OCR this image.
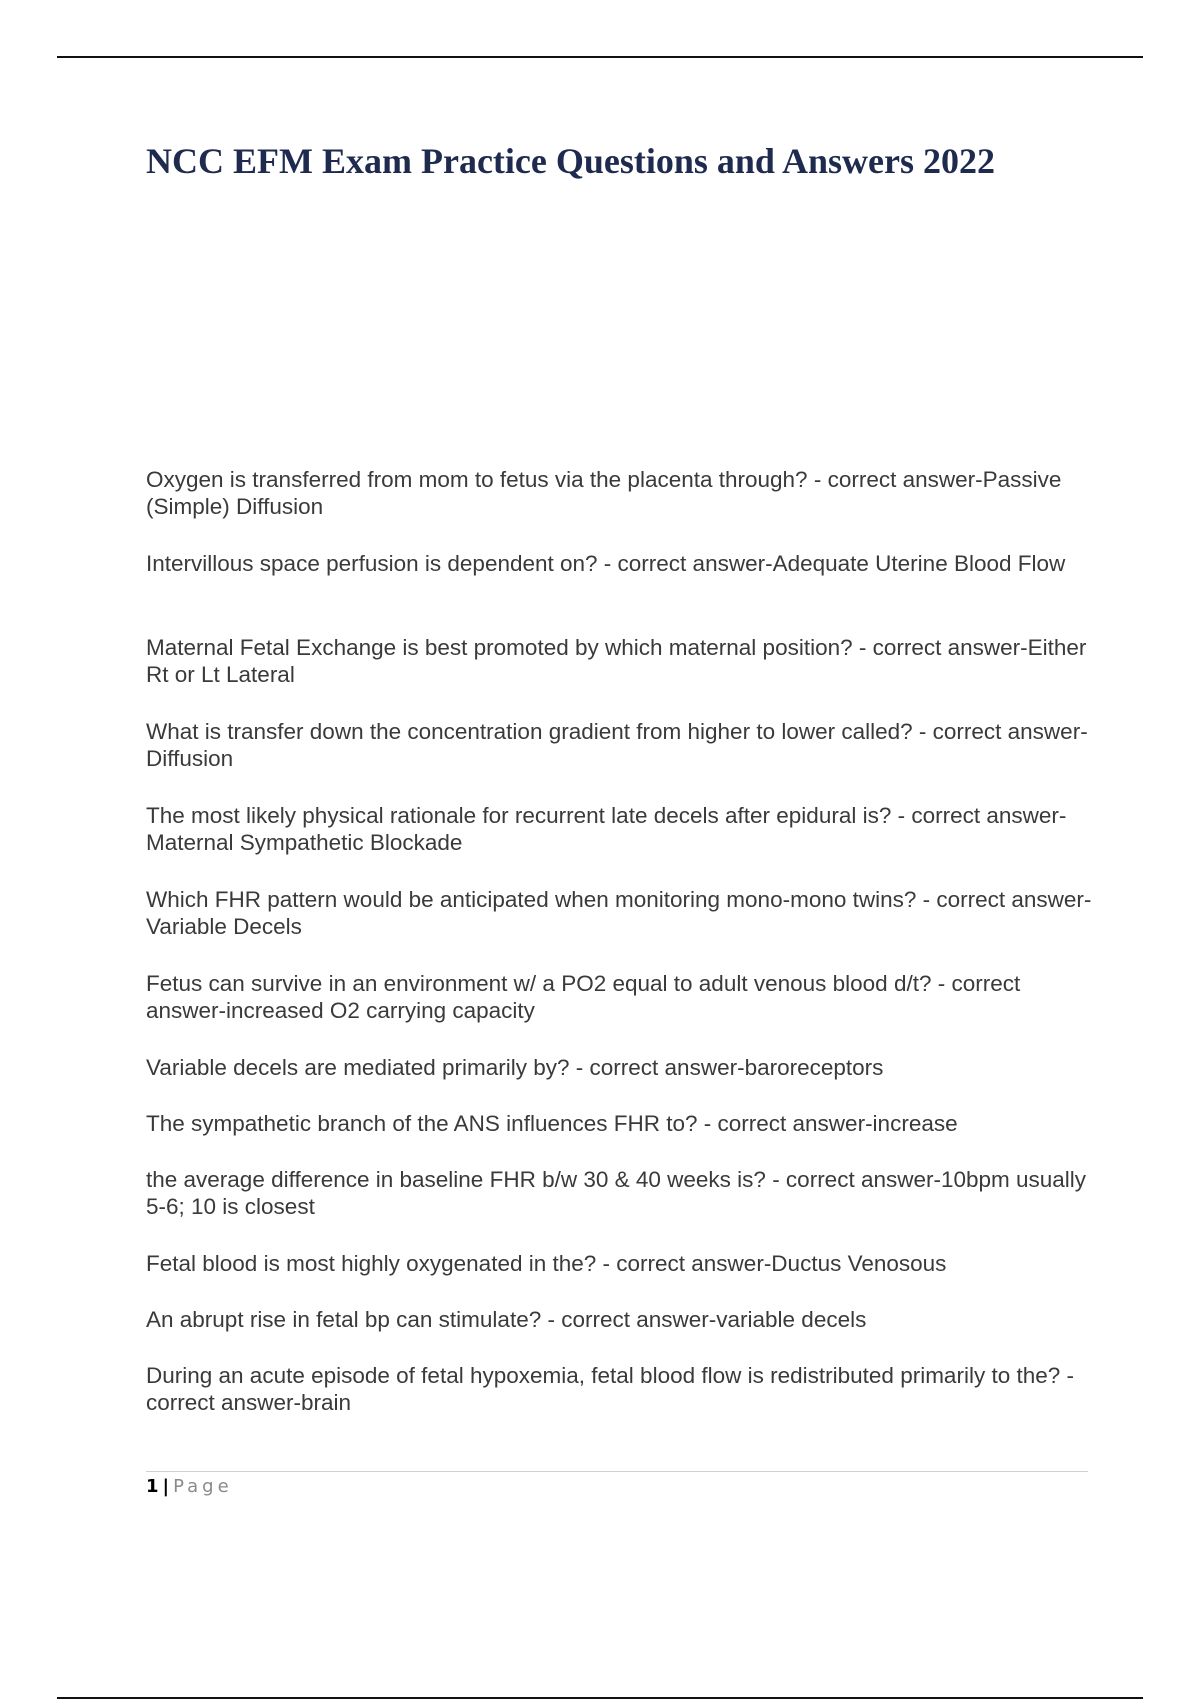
NCC EFM Exam Practice Questions and Answers 2022
Oxygen is transferred from mom to fetus via the placenta through? - correct answer-Passive (Simple) Diffusion
Intervillous space perfusion is dependent on? - correct answer-Adequate Uterine Blood Flow
Maternal Fetal Exchange is best promoted by which maternal position? - correct answer-Either Rt or Lt Lateral
What is transfer down the concentration gradient from higher to lower called? - correct answer-Diffusion
The most likely physical rationale for recurrent late decels after epidural is? - correct answer-Maternal Sympathetic Blockade
Which FHR pattern would be anticipated when monitoring mono-mono twins? - correct answer-Variable Decels
Fetus can survive in an environment w/ a PO2 equal to adult venous blood d/t? - correct answer-increased O2 carrying capacity
Variable decels are mediated primarily by? - correct answer-baroreceptors
The sympathetic branch of the ANS influences FHR to? - correct answer-increase
the average difference in baseline FHR b/w 30 & 40 weeks is? - correct answer-10bpm usually 5-6; 10 is closest
Fetal blood is most highly oxygenated in the? - correct answer-Ductus Venosous
An abrupt rise in fetal bp can stimulate? - correct answer-variable decels
During an acute episode of fetal hypoxemia, fetal blood flow is redistributed primarily to the? - correct answer-brain
1 | Page
